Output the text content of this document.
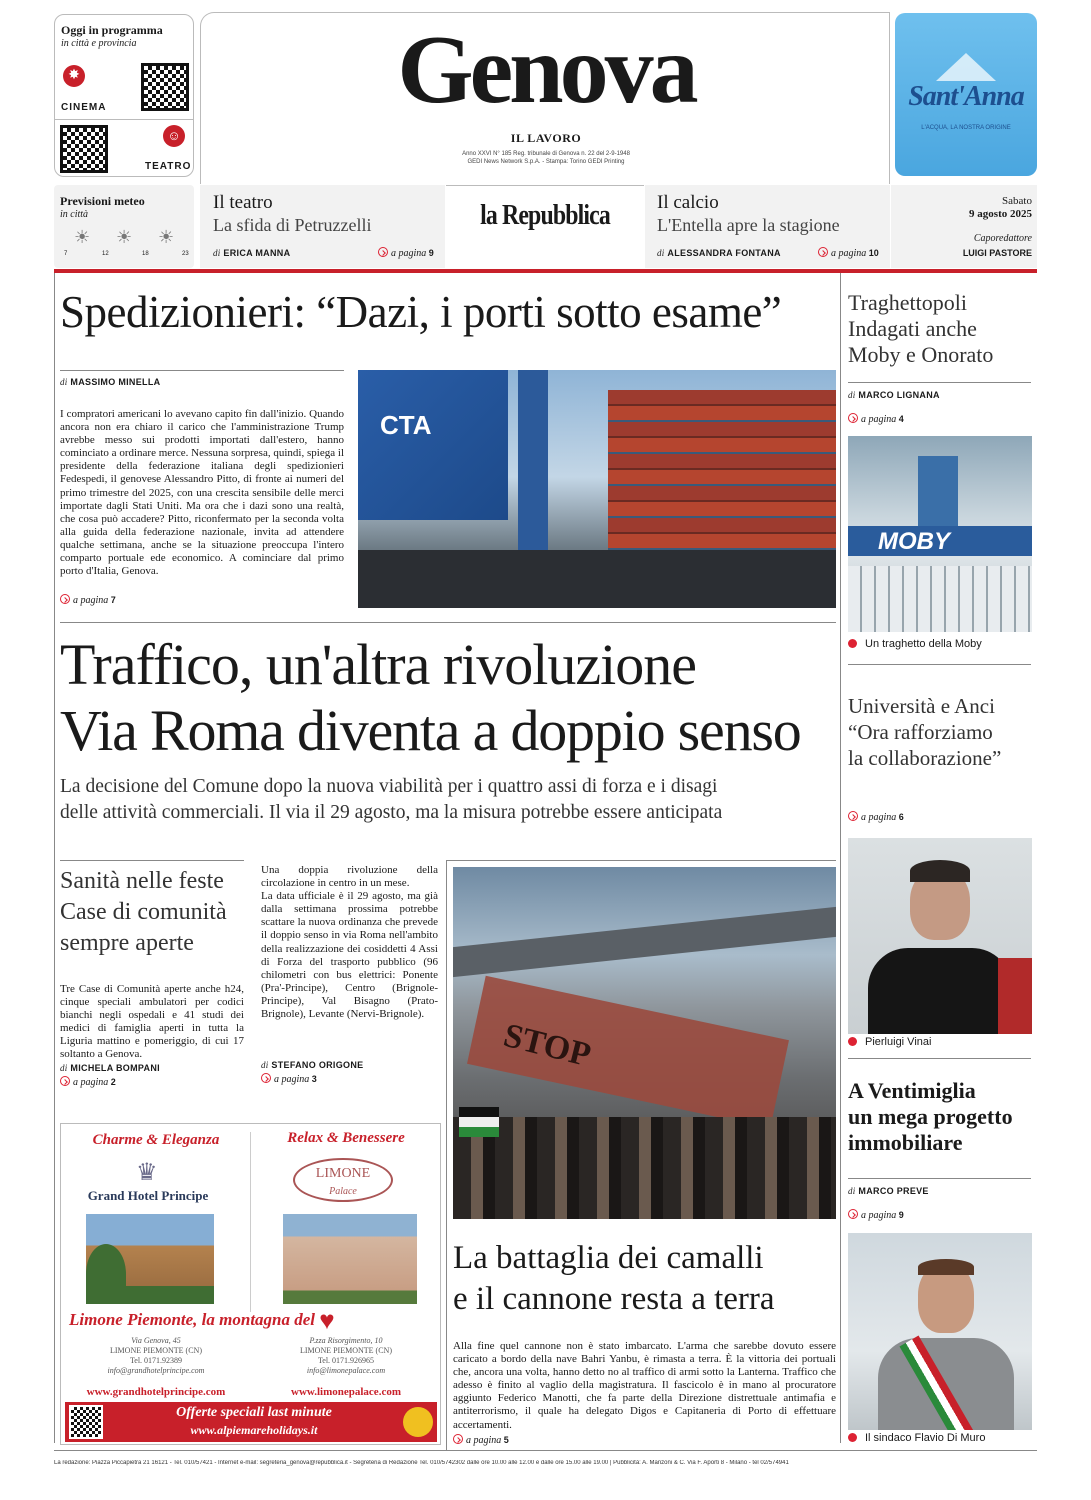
Oggi in programma
in città e provincia
✸
CINEMA
☺
TEATRO
Genova
IL LAVORO
Anno XXVI N° 185 Reg. tribunale di Genova n. 22 del 2-9-1948
GEDI News Network S.p.A. - Stampa: Torino GEDI Printing
Sant'Anna
L'ACQUA, LA NOSTRA ORIGINE
Previsioni meteo
in città
☀ ☀ ☀
7	12	18	23
Il teatro
La sfida di Petruzzelli
di ERICA MANNA	a pagina 9
la Repubblica	Il calcio
L'Entella apre la stagione
di ALESSANDRA FONTANA	a pagina 10
Sabato
9 agosto 2025
Caporedattore
LUIGI PASTORE
Spedizionieri: “Dazi, i porti sotto esame”
di MASSIMO MINELLA
I compratori americani lo avevano capito fin dall'inizio. Quando ancora non era chiaro il carico che l'amministrazione Trump avrebbe messo sui prodotti importati dall'estero, hanno cominciato a ordinare merce. Nessuna sorpresa, quindi, spiega il presidente della federazione italiana degli spedizionieri Fedespedi, il genovese Alessandro Pitto, di fronte ai numeri del primo trimestre del 2025, con una crescita sensibile delle merci importate dagli Stati Uniti. Ma ora che i dazi sono una realtà, che cosa può accadere? Pitto, riconfermato per la seconda volta alla guida della federazione nazionale, invita ad attendere qualche settimana, anche se la situazione preoccupa l'intero comparto portuale ede economico. A cominciare dal primo porto d'Italia, Genova.
a pagina 7
CTA
Traghettopoli
Indagati anche
Moby e Onorato
di MARCO LIGNANA
a pagina 4
MOBY
Un traghetto della Moby
Traffico, un'altra rivoluzione
Via Roma diventa a doppio senso
La decisione del Comune dopo la nuova viabilità per i quattro assi di forza e i disagi
delle attività commerciali. Il via il 29 agosto, ma la misura potrebbe essere anticipata
Sanità nelle feste
Case di comunità
sempre aperte
Tre Case di Comunità aperte anche h24, cinque speciali ambulatori per codici bianchi negli ospedali e 41 studi dei medici di famiglia aperti in tutta la Liguria mattino e pomeriggio, di cui 17 soltanto a Genova.
di MICHELA BOMPANI
a pagina 2
Una doppia rivoluzione della circolazione in centro in un mese.
La data ufficiale è il 29 agosto, ma già dalla settimana prossima potrebbe scattare la nuova ordinanza che prevede il doppio senso in via Roma nell'ambito della realizzazione dei cosiddetti 4 Assi di Forza del trasporto pubblico (96 chilometri con bus elettrici: Ponente (Pra'-Principe), Centro (Brignole-Principe), Val Bisagno (Prato-Brignole), Levante (Nervi-Brignole).
di STEFANO ORIGONE
a pagina 3
STOP
La battaglia dei camalli
e il cannone resta a terra
Alla fine quel cannone non è stato imbarcato. L'arma che sarebbe dovuto essere caricato a bordo della nave Bahri Yanbu, è rimasta a terra. È la vittoria dei portuali che, ancora una volta, hanno detto no al traffico di armi sotto la Lanterna. Traffico che adesso è finito al vaglio della magistratura. Il fascicolo è in mano al procuratore aggiunto Federico Manotti, che fa parte della Direzione distrettuale antimafia e antiterrorismo, il quale ha delegato Digos e Capitaneria di Porto di effettuare accertamenti.
a pagina 5
Università e Anci
“Ora rafforziamo
la collaborazione”
a pagina 6
Pierluigi Vinai
A Ventimiglia
un mega progetto
immobiliare
di MARCO PREVE
a pagina 9
Il sindaco Flavio Di Muro
Charme & Eleganza	Relax & Benessere
♛
Grand Hotel Principe
LIMONE
Palace
Limone Piemonte, la montagna del ♥
Via Genova, 45
LIMONE PIEMONTE (CN)
Tel. 0171.92389
info@grandhotelprincipe.com
P.zza Risorgimento, 10
LIMONE PIEMONTE (CN)
Tel. 0171.926965
info@limonepalace.com
www.grandhotelprincipe.com	www.limonepalace.com
Offerte speciali last minute
www.alpiemareholidays.it
La redazione: Piazza Piccapietra 21 16121 - Tel. 010/57421 - Internet e-mail: segreteria_genova@repubblica.it - Segreteria di Redazione Tel. 010/5742302 dalle ore 10.00 alle 12.00 e dalle ore 15.00 alle 19.00 | Pubblicità: A. Manzoni & C. Via F. Aporti 8 - Milano - tel 02/574941
